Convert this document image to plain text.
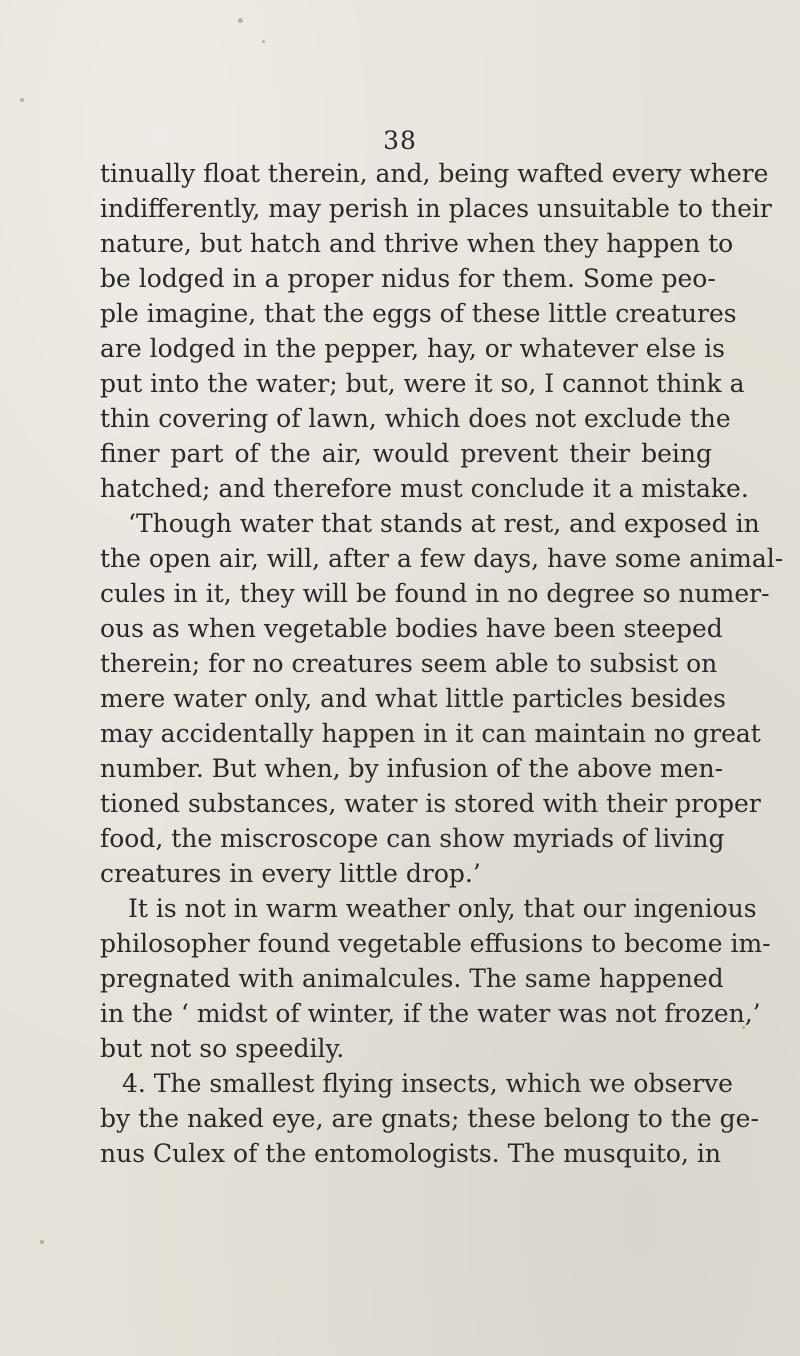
38
tinually float therein, and, being wafted every where
indifferently, may perish in places unsuitable to their
nature, but hatch and thrive when they happen to
be lodged in a proper nidus for them. Some peo-
ple imagine, that the eggs of these little creatures
are lodged in the pepper, hay, or whatever else is
put into the water; but, were it so, I cannot think a
thin covering of lawn, which does not exclude the
finer part of the air, would prevent their being
hatched; and therefore must conclude it a mistake.
‘Though water that stands at rest, and exposed in
the open air, will, after a few days, have some animal-
cules in it, they will be found in no degree so numer-
ous as when vegetable bodies have been steeped
therein; for no creatures seem able to subsist on
mere water only, and what little particles besides
may accidentally happen in it can maintain no great
number. But when, by infusion of the above men-
tioned substances, water is stored with their proper
food, the miscroscope can show myriads of living
creatures in every little drop.’
It is not in warm weather only, that our ingenious
philosopher found vegetable effusions to become im-
pregnated with animalcules. The same happened
in the ‘ midst of winter, if the water was not frozen,’
but not so speedily.
4. The smallest flying insects, which we observe
by the naked eye, are gnats; these belong to the ge-
nus Culex of the entomologists. The musquito, in
